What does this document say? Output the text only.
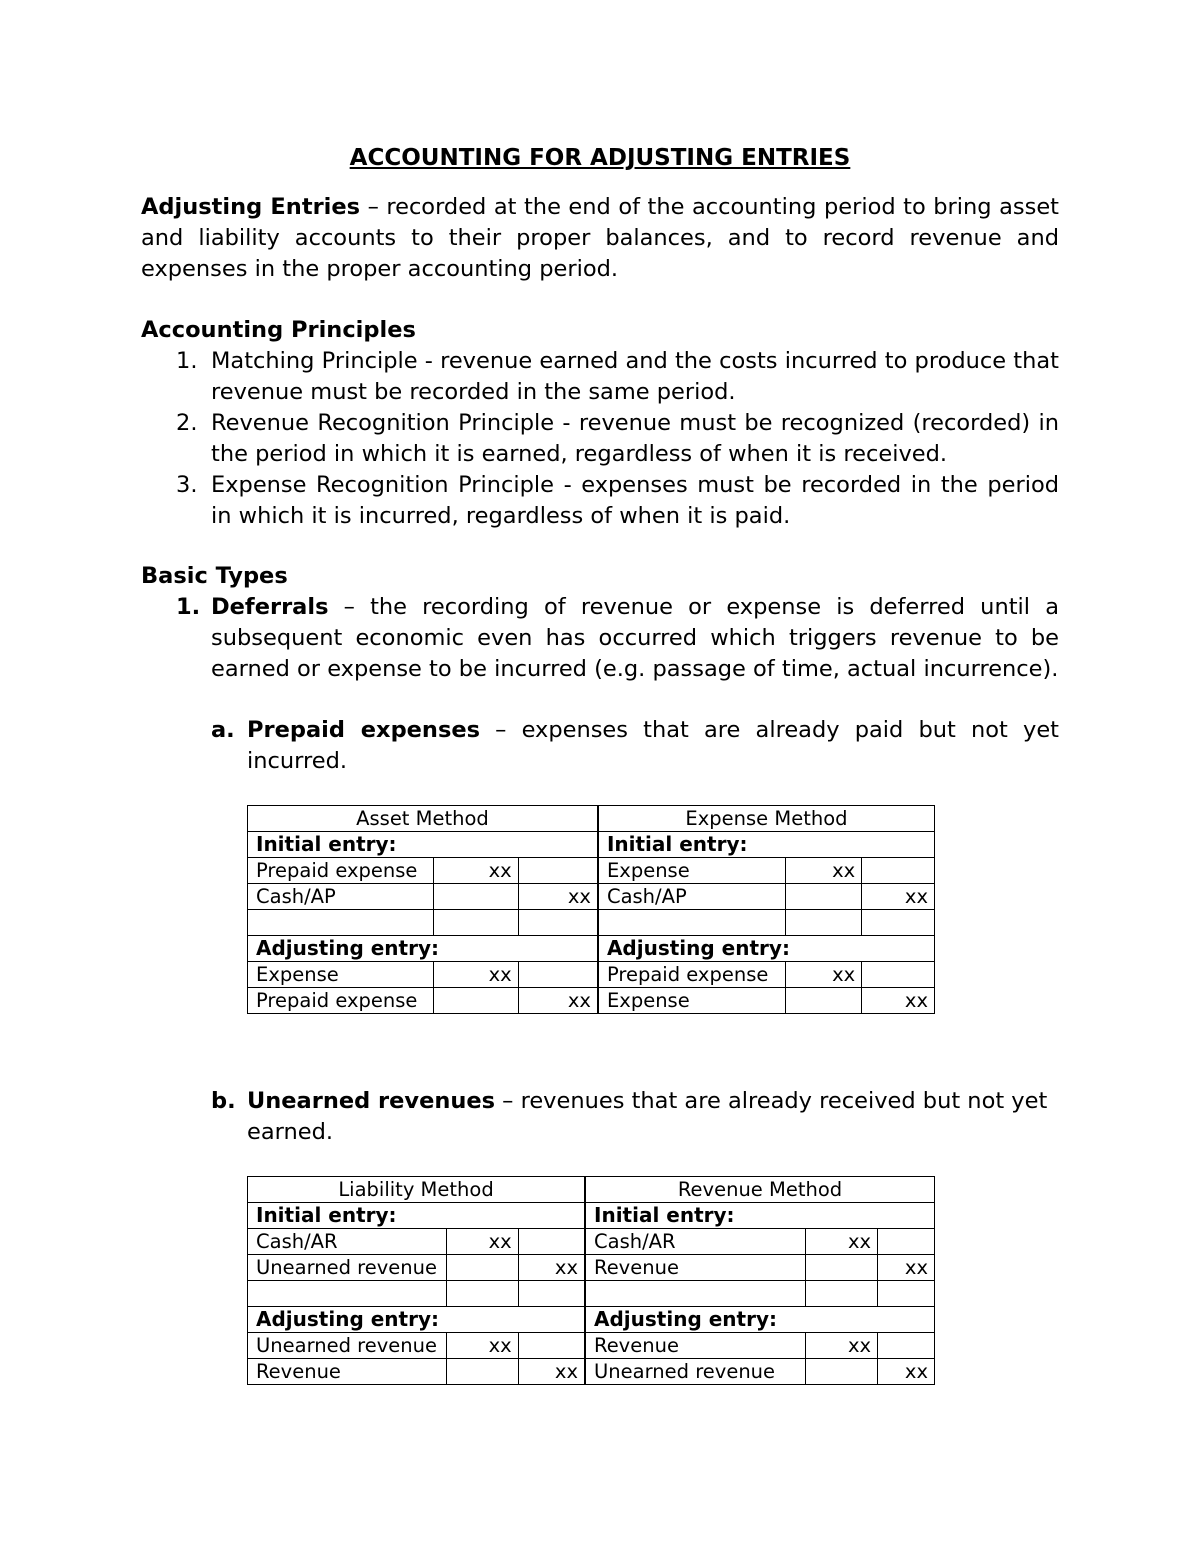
ACCOUNTING FOR ADJUSTING ENTRIES
Adjusting Entries – recorded at the end of the accounting period to bring asset and liability accounts to their proper balances, and to record revenue and expenses in the proper accounting period.
Accounting Principles
1. Matching Principle - revenue earned and the costs incurred to produce that revenue must be recorded in the same period.
2. Revenue Recognition Principle - revenue must be recognized (recorded) in the period in which it is earned, regardless of when it is received.
3. Expense Recognition Principle - expenses must be recorded in the period in which it is incurred, regardless of when it is paid.
Basic Types
1. Deferrals – the recording of revenue or expense is deferred until a subsequent economic even has occurred which triggers revenue to be earned or expense to be incurred (e.g. passage of time, actual incurrence).
a. Prepaid expenses – expenses that are already paid but not yet incurred.
Asset Method			Expense Method		
Initial entry:			Initial entry:		
Prepaid expense	xx		Expense	xx	
Cash/AP		xx	Cash/AP		xx

Adjusting entry:			Adjusting entry:		
Expense	xx		Prepaid expense	xx	
Prepaid expense		xx	Expense		xx
b. Unearned revenues – revenues that are already received but not yet earned.
Liability Method			Revenue Method		
Initial entry:			Initial entry:		
Cash/AR	xx		Cash/AR	xx	
Unearned revenue		xx	Revenue		xx

Adjusting entry:			Adjusting entry:		
Unearned revenue	xx		Revenue	xx	
Revenue		xx	Unearned revenue		xx
